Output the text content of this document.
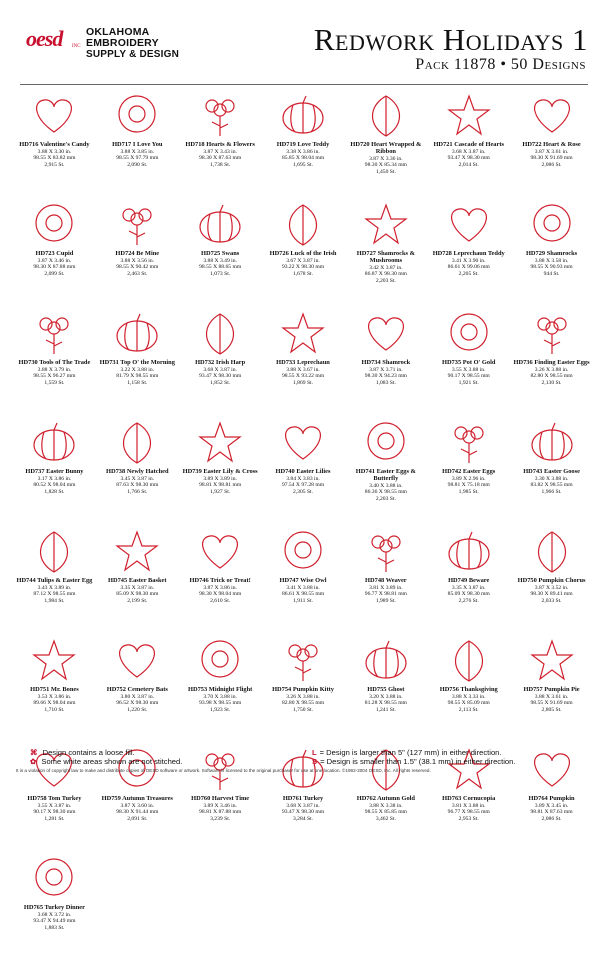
oesd INC
OKLAHOMA
EMBROIDERY
SUPPLY & DESIGN	Redwork Holidays 1
Pack 11878 • 50 Designs
HD716 Valentine's Candy
3.88 X 3.30 in.
98.55 X 83.82 mm
2,915 St.
HD717 I Love You
3.88 X 3.85 in.
98.55 X 97.79 mm
2,090 St.
HD718 Hearts & Flowers
3.87 X 3.43 in.
98.30 X 87.63 mm
1,738 St.
HD719 Love Teddy
3.38 X 3.86 in.
85.85 X 98.04 mm
1,695 St.
HD720 Heart Wrapped & Ribbon
3.87 X 3.36 in.
98.30 X 85.34 mm
1,450 St.
HD721 Cascade of Hearts
3.68 X 3.87 in.
93.47 X 98.30 mm
2,014 St.
HD722 Heart & Rose
3.87 X 3.61 in.
98.30 X 91.69 mm
2,086 St.
HD723 Cupid
3.87 X 3.46 in.
98.30 X 87.88 mm
2,099 St.
HD724 Be Mine
3.88 X 3.56 in.
98.55 X 90.42 mm
2,463 St.
HD725 Swans
3.88 X 3.49 in.
98.55 X 88.65 mm
1,073 St.
HD726 Luck of the Irish
3.67 X 3.87 in.
93.22 X 98.30 mm
1,678 St.
HD727 Shamrocks & Mushrooms
3.42 X 3.87 in.
86.87 X 98.30 mm
2,203 St.
HD728 Leprechaun Teddy
3.41 X 3.90 in.
86.61 X 99.06 mm
2,205 St.
HD729 Shamrocks
3.88 X 3.58 in.
98.55 X 90.93 mm
944 St.
HD730 Tools of The Trade
3.88 X 3.79 in.
98.55 X 96.27 mm
1,559 St.
HD731 Top O' the Morning
3.22 X 3.88 in.
81.79 X 98.55 mm
1,158 St.
HD732 Irish Harp
3.68 X 3.87 in.
93.47 X 98.30 mm
1,852 St.
HD733 Leprechaun
3.88 X 3.67 in.
98.55 X 93.22 mm
1,869 St.
HD734 Shamrock
3.87 X 3.71 in.
98.30 X 94.23 mm
1,083 St.
HD735 Pot O' Gold
3.55 X 3.88 in.
90.17 X 98.55 mm
1,921 St.
HD736 Finding Easter Eggs
3.26 X 3.88 in.
82.80 X 98.55 mm
2,130 St.
HD737 Easter Bunny
3.17 X 3.86 in.
80.52 X 98.04 mm
1,828 St.
HD738 Newly Hatched
3.45 X 3.87 in.
87.63 X 98.30 mm
1,766 St.
HD739 Easter Lily & Cross
3.89 X 3.89 in.
98.81 X 98.81 mm
1,927 St.
HD740 Easter Lilies
3.84 X 3.83 in.
97.54 X 97.28 mm
2,305 St.
HD741 Easter Eggs & Butterfly
3.40 X 3.88 in.
86.36 X 98.55 mm
2,203 St.
HD742 Easter Eggs
3.89 X 2.96 in.
98.81 X 75.18 mm
1,985 St.
HD743 Easter Goose
3.30 X 3.88 in.
83.82 X 98.55 mm
1,966 St.
HD744 Tulips & Easter Egg
3.43 X 3.89 in.
87.12 X 98.55 mm
1,984 St.
HD745 Easter Basket
3.35 X 3.87 in.
85.09 X 98.30 mm
2,199 St.
HD746 Trick or Treat!
3.87 X 3.86 in.
98.30 X 98.04 mm
2,610 St.
HD747 Wise Owl
3.41 X 3.88 in.
86.61 X 98.55 mm
1,911 St.
HD748 Weaver
3.81 X 3.89 in.
96.77 X 98.81 mm
1,989 St.
HD749 Beware
3.35 X 3.87 in.
85.09 X 98.30 mm
2,276 St.
HD750 Pumpkin Chorus
3.87 X 3.52 in.
98.30 X 89.41 mm
2,033 St.
HD751 Mr. Bones
3.53 X 3.86 in.
89.66 X 98.04 mm
1,710 St.
HD752 Cemetery Bats
3.80 X 3.87 in.
96.52 X 98.30 mm
1,220 St.
HD753 Midnight Flight
3.70 X 3.88 in.
93.98 X 98.55 mm
1,923 St.
HD754 Pumpkin Kitty
3.26 X 3.88 in.
82.80 X 98.55 mm
1,750 St.
HD755 Ghost
3.20 X 3.88 in.
81.28 X 98.55 mm
1,241 St.
HD756 Thanksgiving
3.88 X 3.33 in.
98.55 X 85.09 mm
2,113 St.
HD757 Pumpkin Pie
3.88 X 3.61 in.
98.55 X 91.69 mm
2,805 St.
HD758 Tom Turkey
3.55 X 3.87 in.
90.17 X 98.30 mm
1,281 St.
HD759 Autumn Treasures
3.87 X 3.60 in.
98.30 X 91.44 mm
2,091 St.
HD760 Harvest Time
3.89 X 3.46 in.
98.81 X 87.88 mm
3,239 St.
HD761 Turkey
3.68 X 3.87 in.
93.47 X 98.30 mm
3,284 St.
HD762 Autumn Gold
3.88 X 3.38 in.
98.55 X 85.85 mm
3,462 St.
HD763 Cornucopia
3.81 X 3.88 in.
96.77 X 98.55 mm
2,953 St.
HD764 Pumpkin
3.89 X 3.45 in.
98.81 X 87.63 mm
2,086 St.
HD765 Turkey Dinner
3.68 X 3.72 in.
93.47 X 94.49 mm
1,883 St.
⌘ Design contains a loose fill.
✿ Some white areas shown are not stitched.
L = Design is larger than 5" (127 mm) in either direction.
S = Design is smaller than 1.5" (38.1 mm) in either direction.
It is a violation of copyright law to make and distribute copies of OESD software or artwork. Software is licensed to the original purchaser for use at one location. ©1992-2004 OESD, Inc. All rights reserved.
